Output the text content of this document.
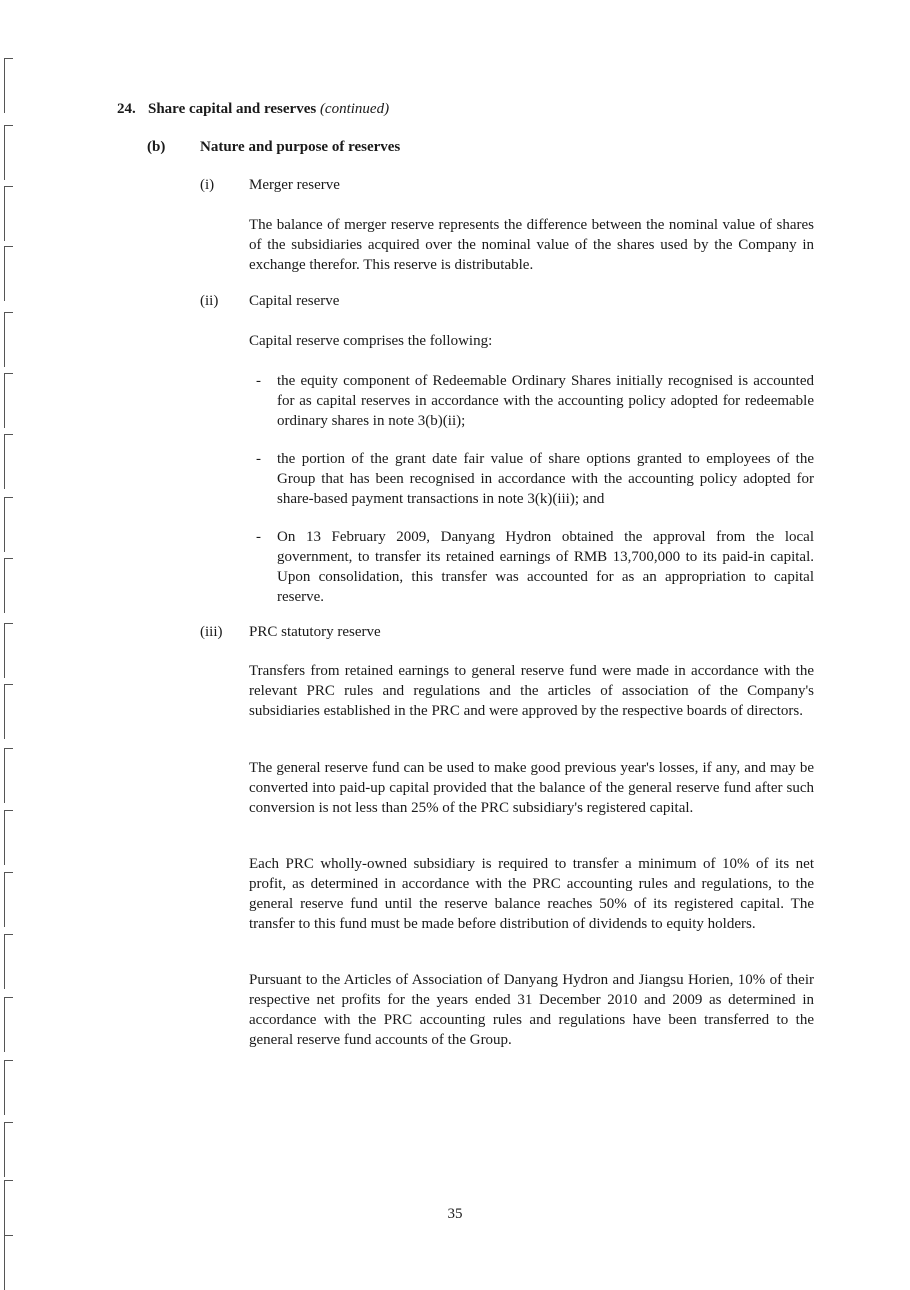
24. Share capital and reserves (continued)
(b) Nature and purpose of reserves
(i) Merger reserve

The balance of merger reserve represents the difference between the nominal value of shares of the subsidiaries acquired over the nominal value of the shares used by the Company in exchange therefor. This reserve is distributable.

(ii) Capital reserve

Capital reserve comprises the following:

- the equity component of Redeemable Ordinary Shares initially recognised is accounted for as capital reserves in accordance with the accounting policy adopted for redeemable ordinary shares in note 3(b)(ii);
- the portion of the grant date fair value of share options granted to employees of the Group that has been recognised in accordance with the accounting policy adopted for share-based payment transactions in note 3(k)(iii); and
- On 13 February 2009, Danyang Hydron obtained the approval from the local government, to transfer its retained earnings of RMB 13,700,000 to its paid-in capital. Upon consolidation, this transfer was accounted for as an appropriation to capital reserve.
(iii) PRC statutory reserve

Transfers from retained earnings to general reserve fund were made in accordance with the relevant PRC rules and regulations and the articles of association of the Company's subsidiaries established in the PRC and were approved by the respective boards of directors.

The general reserve fund can be used to make good previous year's losses, if any, and may be converted into paid-up capital provided that the balance of the general reserve fund after such conversion is not less than 25% of the PRC subsidiary's registered capital.

Each PRC wholly-owned subsidiary is required to transfer a minimum of 10% of its net profit, as determined in accordance with the PRC accounting rules and regulations, to the general reserve fund until the reserve balance reaches 50% of its registered capital. The transfer to this fund must be made before distribution of dividends to equity holders.

Pursuant to the Articles of Association of Danyang Hydron and Jiangsu Horien, 10% of their respective net profits for the years ended 31 December 2010 and 2009 as determined in accordance with the PRC accounting rules and regulations have been transferred to the general reserve fund accounts of the Group.

35
